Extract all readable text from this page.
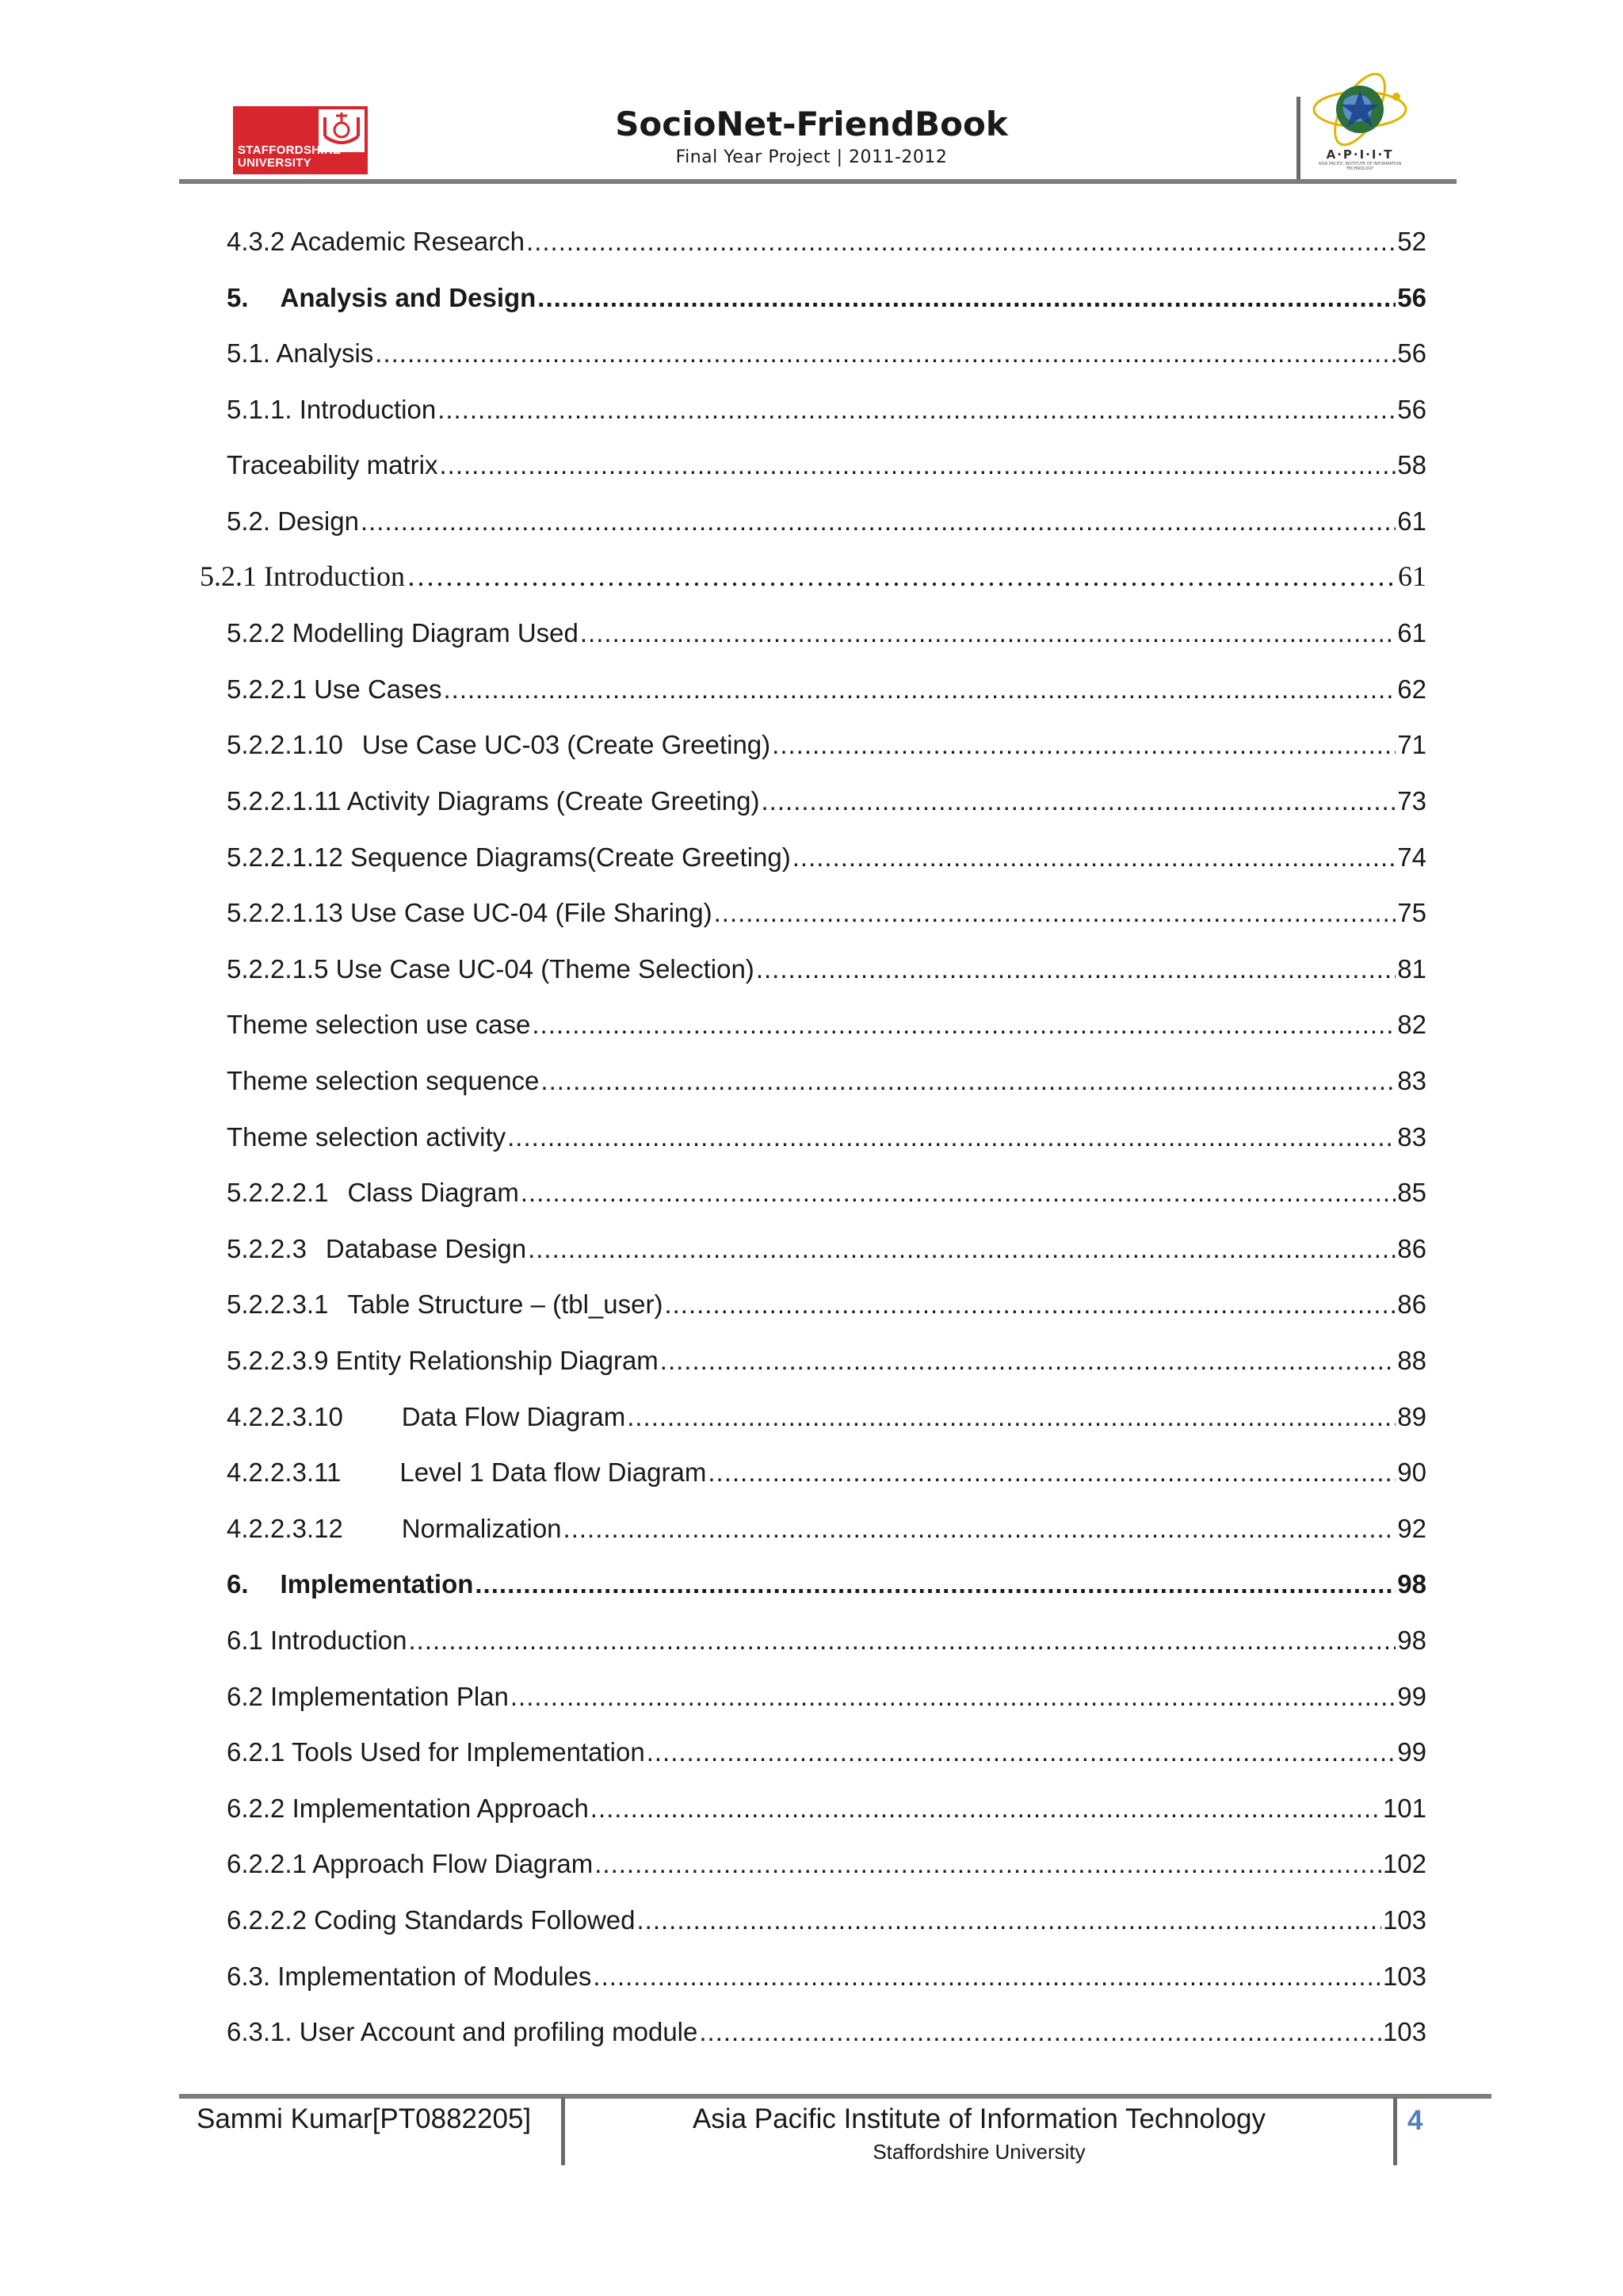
STAFFORDSHIRE
UNIVERSITY
SocioNet-FriendBook
Final Year Project | 2011-2012	A·P·I·I·T
ASIA PACIFIC INSTITUTE OF INFORMATION TECHNOLOGY
4.3.2 Academic Research .....	52
5. Analysis and Design .....	56
5.1. Analysis .....	56
5.1.1. Introduction .....	56
Traceability matrix .....	58
5.2. Design .....	61
5.2.1 Introduction …………………………………………………………………………………………………………………………………………………………………………………………………………………………………………………………………………	61
5.2.2 Modelling Diagram Used .....	61
5.2.2.1 Use Cases .....	62
5.2.2.1.10 Use Case UC-03 (Create Greeting) .....	71
5.2.2.1.11 Activity Diagrams (Create Greeting) .....	73
5.2.2.1.12 Sequence Diagrams(Create Greeting) .....	74
5.2.2.1.13 Use Case UC-04 (File Sharing) .....	75
5.2.2.1.5 Use Case UC-04 (Theme Selection) .....	81
Theme selection use case .....	82
Theme selection sequence .....	83
Theme selection activity .....	83
5.2.2.2.1 Class Diagram .....	85
5.2.2.3 Database Design .....	86
5.2.2.3.1 Table Structure – (tbl_user) .....	86
5.2.2.3.9 Entity Relationship Diagram .....	88
4.2.2.3.10 Data Flow Diagram .....	89
4.2.2.3.11 Level 1 Data flow Diagram .....	90
4.2.2.3.12 Normalization .....	92
6. Implementation .....	98
6.1 Introduction .....	98
6.2 Implementation Plan .....	99
6.2.1 Tools Used for Implementation .....	99
6.2.2 Implementation Approach .....	101
6.2.2.1 Approach Flow Diagram .....	102
6.2.2.2 Coding Standards Followed .....	103
6.3. Implementation of Modules .....	103
6.3.1. User Account and profiling module .....	103
Sammi Kumar[PT0882205]	Asia Pacific Institute of Information Technology
Staffordshire University
4
